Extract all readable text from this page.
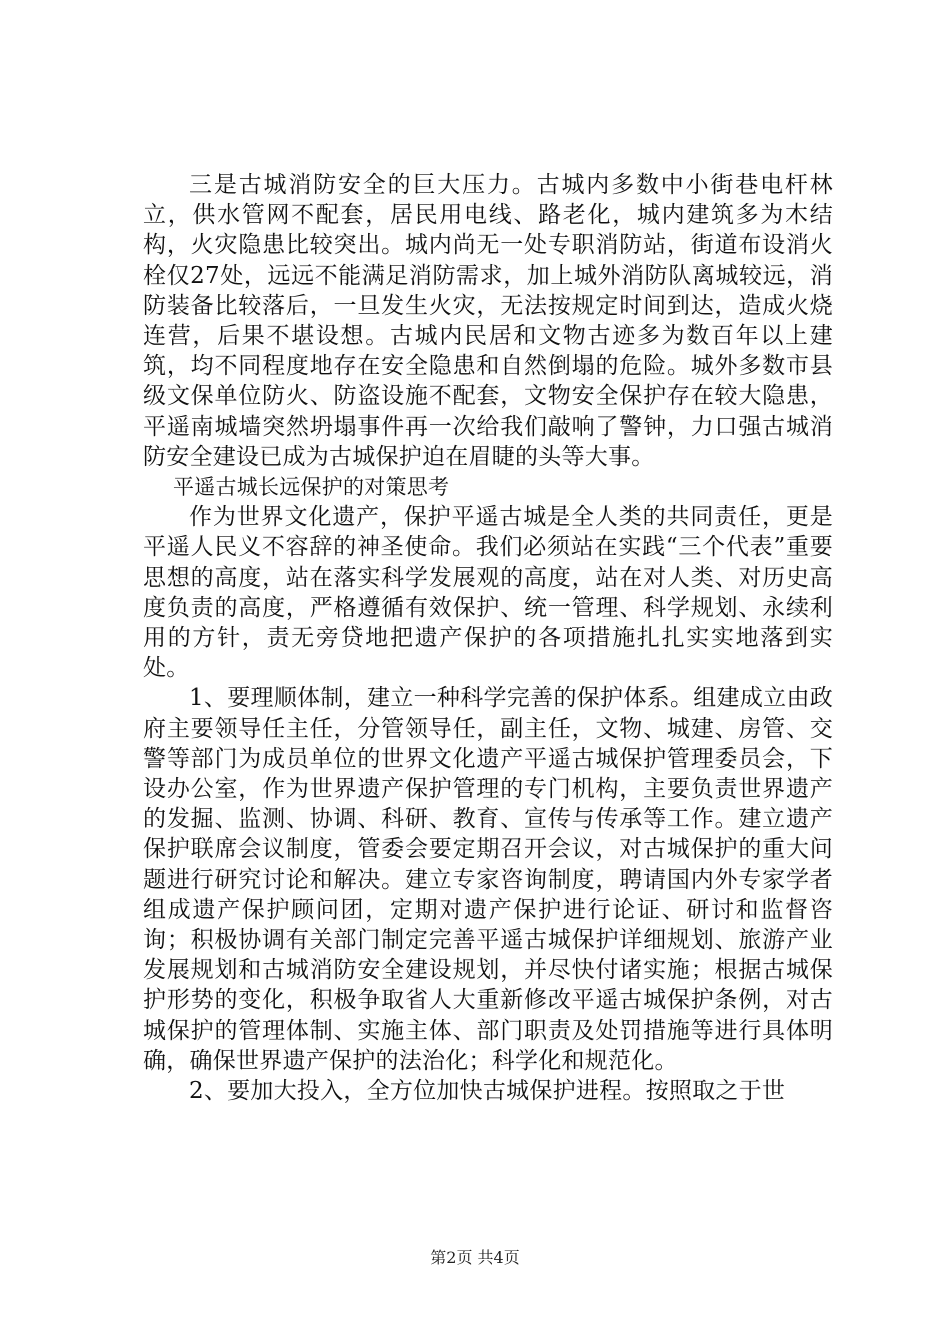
三是古城消防安全的巨大压力。古城内多数中小街巷电杆林立，供水管网不配套，居民用电线、路老化，城内建筑多为木结构，火灾隐患比较突出。城内尚无一处专职消防站，街道布设消火栓仅27处，远远不能满足消防需求，加上城外消防队离城较远，消防装备比较落后，一旦发生火灾，无法按规定时间到达，造成火烧连营，后果不堪设想。古城内民居和文物古迹多为数百年以上建筑，均不同程度地存在安全隐患和自然倒塌的危险。城外多数市县级文保单位防火、防盗设施不配套，文物安全保护存在较大隐患，平遥南城墙突然坍塌事件再一次给我们敲响了警钟，力口强古城消防安全建设已成为古城保护迫在眉睫的头等大事。

平遥古城长远保护的对策思考

作为世界文化遗产，保护平遥古城是全人类的共同责任，更是平遥人民义不容辞的神圣使命。我们必须站在实践“三个代表”重要思想的高度，站在落实科学发展观的高度，站在对人类、对历史高度负责的高度，严格遵循有效保护、统一管理、科学规划、永续利用的方针，责无旁贷地把遗产保护的各项措施扎扎实实地落到实处。

1、要理顺体制，建立一种科学完善的保护体系。组建成立由政府主要领导任主任，分管领导任，副主任，文物、城建、房管、交警等部门为成员单位的世界文化遗产平遥古城保护管理委员会，下设办公室，作为世界遗产保护管理的专门机构，主要负责世界遗产的发掘、监测、协调、科研、教育、宣传与传承等工作。建立遗产保护联席会议制度，管委会要定期召开会议，对古城保护的重大问题进行研究讨论和解决。建立专家咨询制度，聘请国内外专家学者组成遗产保护顾问团，定期对遗产保护进行论证、研讨和监督咨询；积极协调有关部门制定完善平遥古城保护详细规划、旅游产业发展规划和古城消防安全建设规划，并尽快付诸实施；根据古城保护形势的变化，积极争取省人大重新修改平遥古城保护条例，对古城保护的管理体制、实施主体、部门职责及处罚措施等进行具体明确，确保世界遗产保护的法治化；科学化和规范化。

2、要加大投入，全方位加快古城保护进程。按照取之于世

第2页 共4页
